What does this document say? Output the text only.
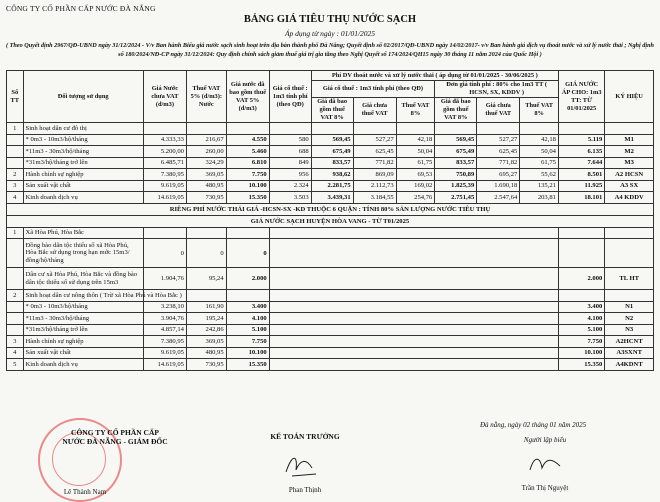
CÔNG TY CỔ PHẦN CẤP NƯỚC ĐÀ NẴNG
BẢNG GIÁ TIÊU THỤ NƯỚC SẠCH
Áp dụng từ ngày : 01/01/2025
( Theo Quyết định 2967/QĐ-UBND ngày 31/12/2024 - V/v Ban hành Biểu giá nước sạch sinh hoạt trên địa bàn thành phố Đà Nẵng; Quyết định số 02/2017/QĐ-UBND ngày 14/02/2017- v/v Ban hành giá dịch vụ thoát nước và xử lý nước thải ; Nghị định số 180/2024/NĐ-CP ngày 31/12/2024: Quy định chính sách giảm thuế giá trị gia tăng theo Nghị Quyết số 174/2024/QH15 ngày 30 tháng 11 năm 2024 của Quốc Hội )
Số TT	Đối tượng sử dụng	Giá Nước chưa VAT (đ/m3)	Thuế VAT 5% (đ/m3): Nước	Giá nước đã bao gồm thuế VAT 5% (đ/m3)	Giá cố thuế : 1m3 tính phí (theo QĐ)	Phí DV thoát nước và xử lý nước thải ( áp dụng từ 01/01/2025 - 30/06/2025 )						GIÁ NƯỚC ÁP CHO: 1m3 TT: TỪ 01/01/2025	KÝ HIỆU
						Giá cố thuế : 1m3 tính phí (theo QĐ)			Đơn giá tính phí : 80% cho 1m3 TT ( HCSN, SX, KDDV )				
						Giá đã bao gồm thuế VAT 8%	Giá chưa thuế VAT	Thuế VAT 8%	Giá đã bao gồm thuế VAT 8%	Giá chưa thuế VAT	Thuế VAT 8%		
1	Sinh hoạt dân cư đô thị												
	* 0m3 - 10m3/hộ/tháng	4.333,33	216,67	4.550	580	569,45	527,27	42,18	569,45	527,27	42,18	5.119	M1
	*11m3 - 30m3/hộ/tháng	5.200,00	260,00	5.460	688	675,49	625,45	50,04	675,49	625,45	50,04	6.135	M2
	*31m3/hộ/tháng trở lên	6.485,71	324,29	6.810	849	833,57	771,82	61,75	833,57	771,82	61,75	7.644	M3
2	Hành chính sự nghiệp	7.380,95	369,05	7.750	956	938,62	869,09	69,53	750,89	695,27	55,62	8.501	A2 HCSN
3	Sản xuất vật chất	9.619,05	480,95	10.100	2.324	2.281,75	2.112,73	169,02	1.825,39	1.690,18	135,21	11.925	A3 SX
4	Kinh doanh dịch vụ	14.619,05	730,95	15.350	3.503	3.439,31	3.184,55	254,76	2.751,45	2.547,64	203,81	18.101	A4 KDDV
RIÊNG PHÍ NƯỚC THẢI GIÁ -HCSN-SX -KD THUỘC 6 QUẬN : TÍNH 80% SẢN LƯỢNG NƯỚC TIÊU THỤ													
GIÁ NƯỚC SẠCH HUYỆN HÒA VANG - TỪ T01/2025													
1	Xã Hòa Phú, Hòa Bắc												
	Đồng bào dân tộc thiểu số xã Hòa Phú, Hòa Bắc sử dụng trong hạn mức 15m3/đồng/hộ/tháng	0	0	0									
	Dân cư xã Hòa Phú, Hòa Bắc và đồng bào dân tộc thiểu số sử dụng trên 15m3	1.904,76	95,24	2.000								2.000	TL HT
2	Sinh hoạt dân cư nông thôn ( Trừ xã Hòa Phú và Hòa Bắc )												
	* 0m3 - 10m3/hộ/tháng	3.238,10	161,90	3.400								3.400	N1
	*11m3 - 30m3/hộ/tháng	3.904,76	195,24	4.100								4.100	N2
	*31m3/hộ/tháng trở lên	4.857,14	242,86	5.100								5.100	N3
3	Hành chính sự nghiệp	7.380,95	369,05	7.750								7.750	A2HCNT
4	Sản xuất vật chất	9.619,05	480,95	10.100								10.100	A3SXNT
5	Kinh doanh dịch vụ	14.619,05	730,95	15.350								15.350	A4KDNT
Đà nẵng, ngày 02 tháng 01 năm 2025
CÔNG TY CỔ PHẦN CẤP NƯỚC ĐÀ NẴNG - GIÁM ĐỐC
Lê Thành Nam
KẾ TOÁN TRƯỞNG
Phan Thịnh
Người lập biểu
Trần Thị Nguyệt
